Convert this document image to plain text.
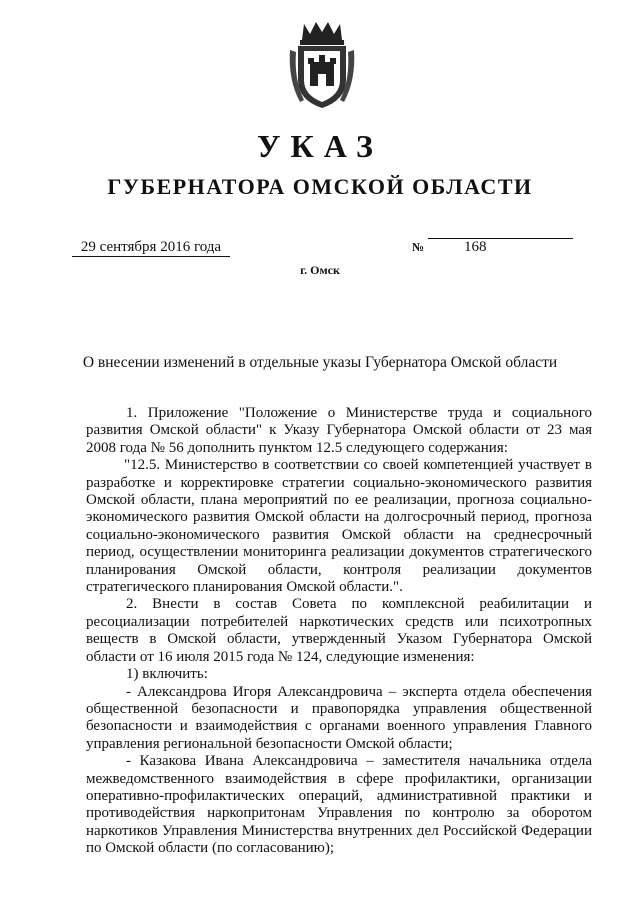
УКАЗ
ГУБЕРНАТОРА ОМСКОЙ ОБЛАСТИ
29 сентября 2016 года	№	168
г. Омск
О внесении изменений в отдельные указы Губернатора Омской области

1. Приложение "Положение о Министерстве труда и социального развития Омской области" к Указу Губернатора Омской области от 23 мая 2008 года № 56 дополнить пунктом 12.5 следующего содержания:

"12.5. Министерство в соответствии со своей компетенцией участвует в разработке и корректировке стратегии социально-экономического развития Омской области, плана мероприятий по ее реализации, прогноза социально-экономического развития Омской области на долгосрочный период, прогноза социально-экономического развития Омской области на среднесрочный период, осуществлении мониторинга реализации документов стратегического планирования Омской области, контроля реализации документов стратегического планирования Омской области.".

2. Внести в состав Совета по комплексной реабилитации и ресоциализации потребителей наркотических средств или психотропных веществ в Омской области, утвержденный Указом Губернатора Омской области от 16 июля 2015 года № 124, следующие изменения:

1) включить:

- Александрова Игоря Александровича – эксперта отдела обеспечения общественной безопасности и правопорядка управления общественной безопасности и взаимодействия с органами военного управления Главного управления региональной безопасности Омской области;

- Казакова Ивана Александровича – заместителя начальника отдела межведомственного взаимодействия в сфере профилактики, организации оперативно-профилактических операций, административной практики и противодействия наркопритонам Управления по контролю за оборотом наркотиков Управления Министерства внутренних дел Российской Федерации по Омской области (по согласованию);
